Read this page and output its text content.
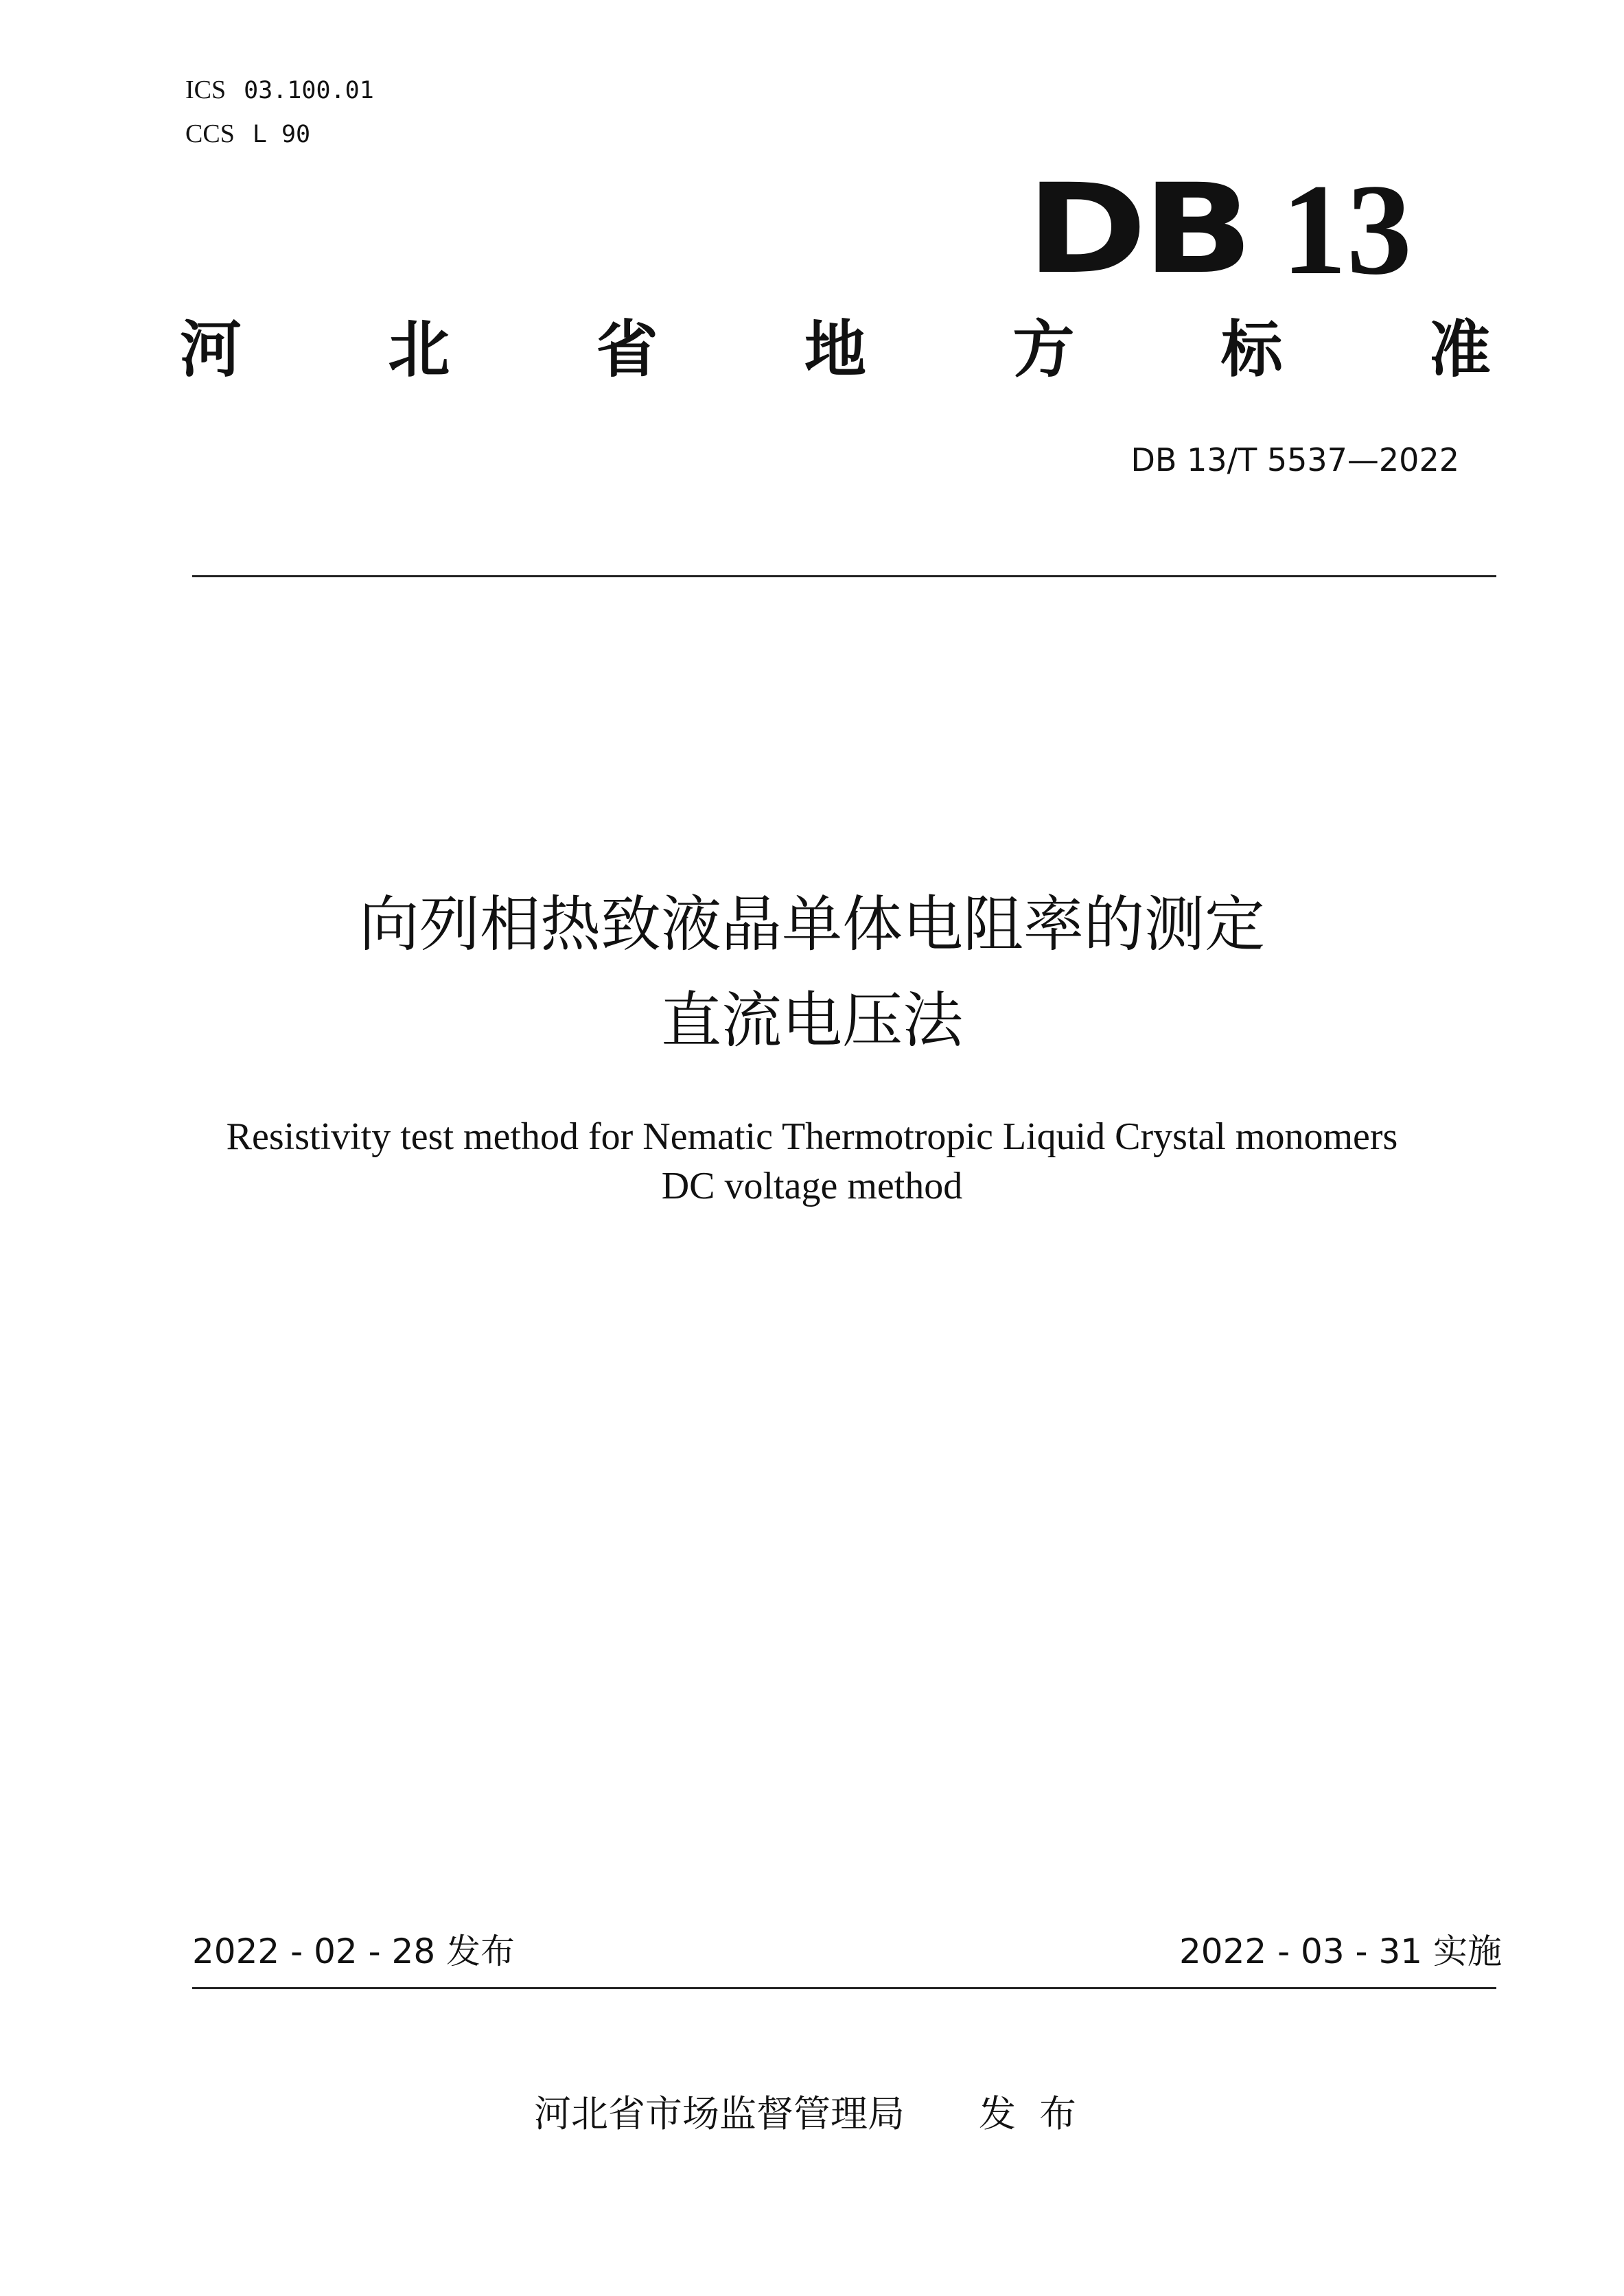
ICS 03.100.01
CCS L 90
DB 13
河 北 省 地 方 标 准
DB 13/T 5537—2022
向列相热致液晶单体电阻率的测定
直流电压法
Resistivity test method for Nematic Thermotropic Liquid Crystal monomers
DC voltage method
2022 - 02 - 28 发布	2022 - 03 - 31 实施
河北省市场监督管理局 发布
